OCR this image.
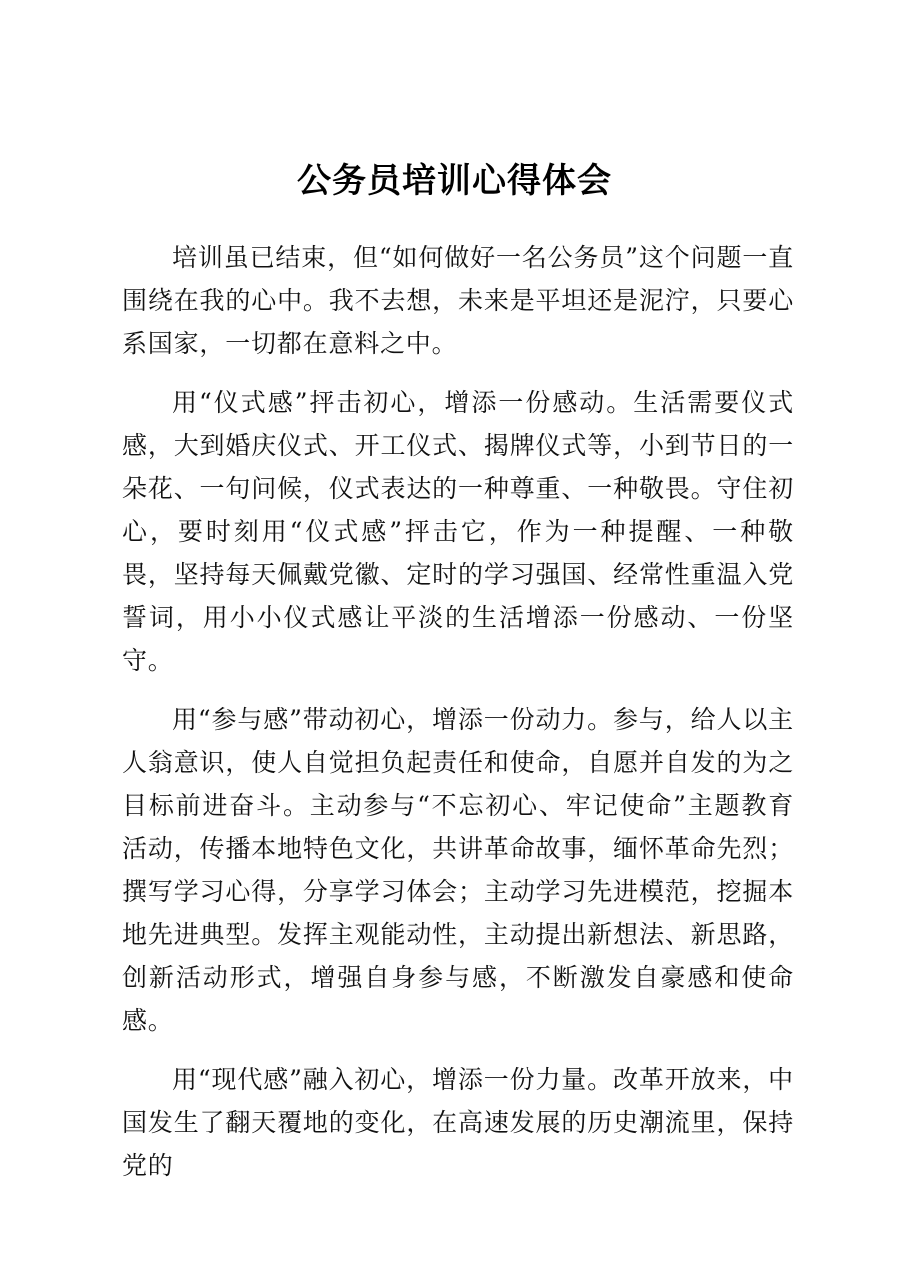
公务员培训心得体会

培训虽已结束，但“如何做好一名公务员”这个问题一直围绕在我的心中。我不去想，未来是平坦还是泥泞，只要心系国家，一切都在意料之中。

用“仪式感”抨击初心，增添一份感动。生活需要仪式感，大到婚庆仪式、开工仪式、揭牌仪式等，小到节日的一朵花、一句问候，仪式表达的一种尊重、一种敬畏。守住初心，要时刻用“仪式感”抨击它，作为一种提醒、一种敬畏，坚持每天佩戴党徽、定时的学习强国、经常性重温入党誓词，用小小仪式感让平淡的生活增添一份感动、一份坚守。

用“参与感”带动初心，增添一份动力。参与，给人以主人翁意识，使人自觉担负起责任和使命，自愿并自发的为之目标前进奋斗。主动参与“不忘初心、牢记使命”主题教育活动，传播本地特色文化，共讲革命故事，缅怀革命先烈；撰写学习心得，分享学习体会；主动学习先进模范，挖掘本地先进典型。发挥主观能动性，主动提出新想法、新思路，创新活动形式，增强自身参与感，不断激发自豪感和使命感。

用“现代感”融入初心，增添一份力量。改革开放来，中国发生了翻天覆地的变化，在高速发展的历史潮流里，保持党的
